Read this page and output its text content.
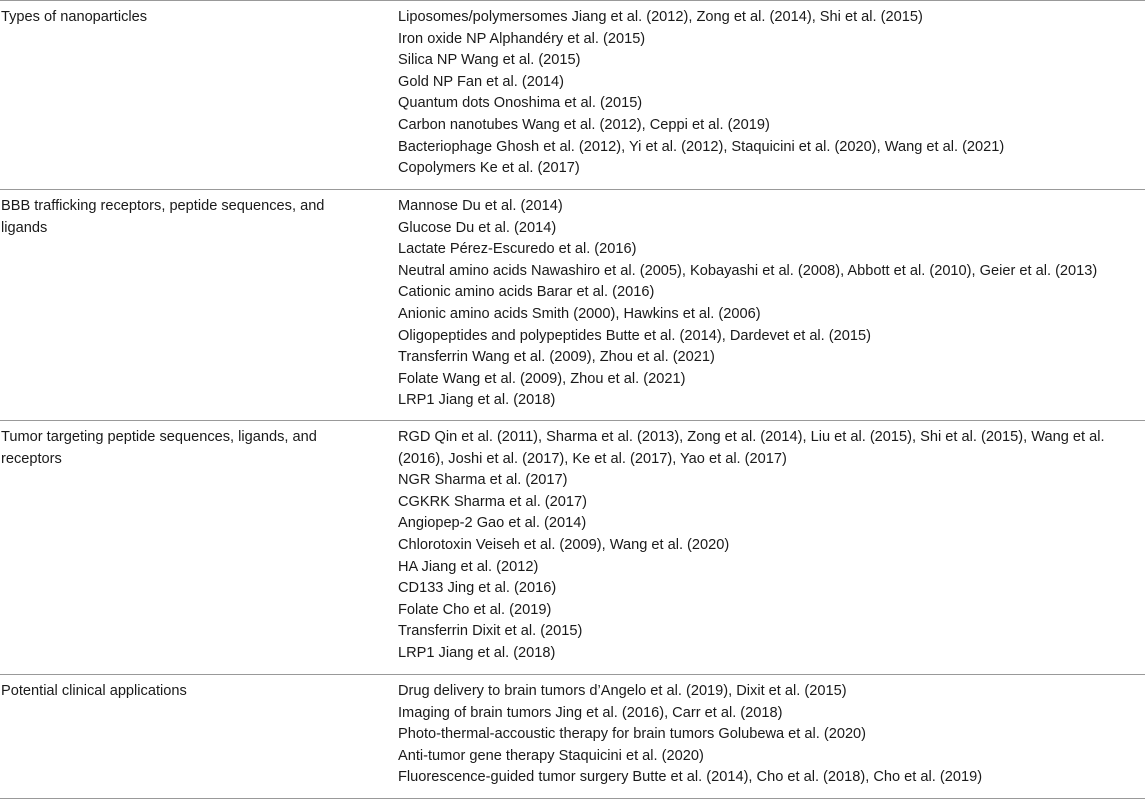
Types of nanoparticles	Liposomes/polymersomes Jiang et al. (2012), Zong et al. (2014), Shi et al. (2015)
Iron oxide NP Alphandéry et al. (2015)
Silica NP Wang et al. (2015)
Gold NP Fan et al. (2014)
Quantum dots Onoshima et al. (2015)
Carbon nanotubes Wang et al. (2012), Ceppi et al. (2019)
Bacteriophage Ghosh et al. (2012), Yi et al. (2012), Staquicini et al. (2020), Wang et al. (2021)
Copolymers Ke et al. (2017)
BBB trafficking receptors, peptide sequences, and ligands
Mannose Du et al. (2014)
Glucose Du et al. (2014)
Lactate Pérez-Escuredo et al. (2016)
Neutral amino acids Nawashiro et al. (2005), Kobayashi et al. (2008), Abbott et al. (2010), Geier et al. (2013)
Cationic amino acids Barar et al. (2016)
Anionic amino acids Smith (2000), Hawkins et al. (2006)
Oligopeptides and polypeptides Butte et al. (2014), Dardevet et al. (2015)
Transferrin Wang et al. (2009), Zhou et al. (2021)
Folate Wang et al. (2009), Zhou et al. (2021)
LRP1 Jiang et al. (2018)
Tumor targeting peptide sequences, ligands, and receptors
RGD Qin et al. (2011), Sharma et al. (2013), Zong et al. (2014), Liu et al. (2015), Shi et al. (2015), Wang et al. (2016), Joshi et al. (2017), Ke et al. (2017), Yao et al. (2017)
NGR Sharma et al. (2017)
CGKRK Sharma et al. (2017)
Angiopep-2 Gao et al. (2014)
Chlorotoxin Veiseh et al. (2009), Wang et al. (2020)
HA Jiang et al. (2012)
CD133 Jing et al. (2016)
Folate Cho et al. (2019)
Transferrin Dixit et al. (2015)
LRP1 Jiang et al. (2018)
Potential clinical applications	Drug delivery to brain tumors d’Angelo et al. (2019), Dixit et al. (2015)
Imaging of brain tumors Jing et al. (2016), Carr et al. (2018)
Photo-thermal-accoustic therapy for brain tumors Golubewa et al. (2020)
Anti-tumor gene therapy Staquicini et al. (2020)
Fluorescence-guided tumor surgery Butte et al. (2014), Cho et al. (2018), Cho et al. (2019)
